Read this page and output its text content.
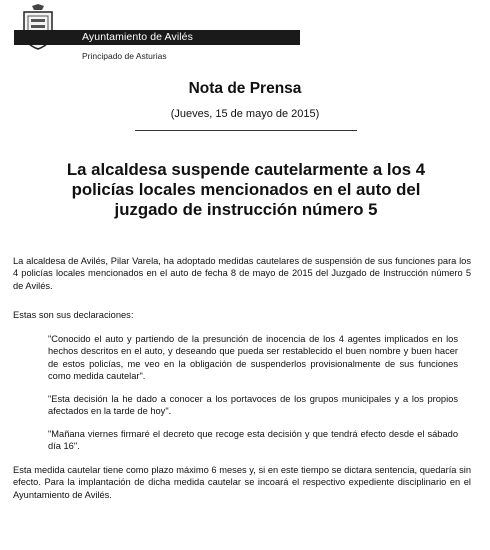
Ayuntamiento de Avilés
Principado de Asturias
Nota de Prensa
(Jueves, 15 de mayo de 2015)
La alcaldesa suspende cautelarmente a los 4
policías locales mencionados en el auto del
juzgado de instrucción número 5
La alcaldesa de Avilés, Pilar Varela, ha adoptado medidas cautelares de suspensión de sus funciones para los 4 policías locales mencionados en el auto de fecha 8 de mayo de 2015 del Juzgado de Instrucción número 5 de Avilés.
Estas son sus declaraciones:
"Conocido el auto y partiendo de la presunción de inocencia de los 4 agentes implicados en los hechos descritos en el auto, y deseando que pueda ser restablecido el buen nombre y buen hacer de estos policías, me veo en la obligación de suspenderlos provisionalmente de sus funciones como medida cautelar".
"Esta decisión la he dado a conocer a los portavoces de los grupos municipales y a los propios afectados en la tarde de hoy".
"Mañana viernes firmaré el decreto que recoge esta decisión y que tendrá efecto desde el sábado día 16".
Esta medida cautelar tiene como plazo máximo 6 meses y, si en este tiempo se dictara sentencia, quedaría sin efecto. Para la implantación de dicha medida cautelar se incoará el respectivo expediente disciplinario en el Ayuntamiento de Avilés.
